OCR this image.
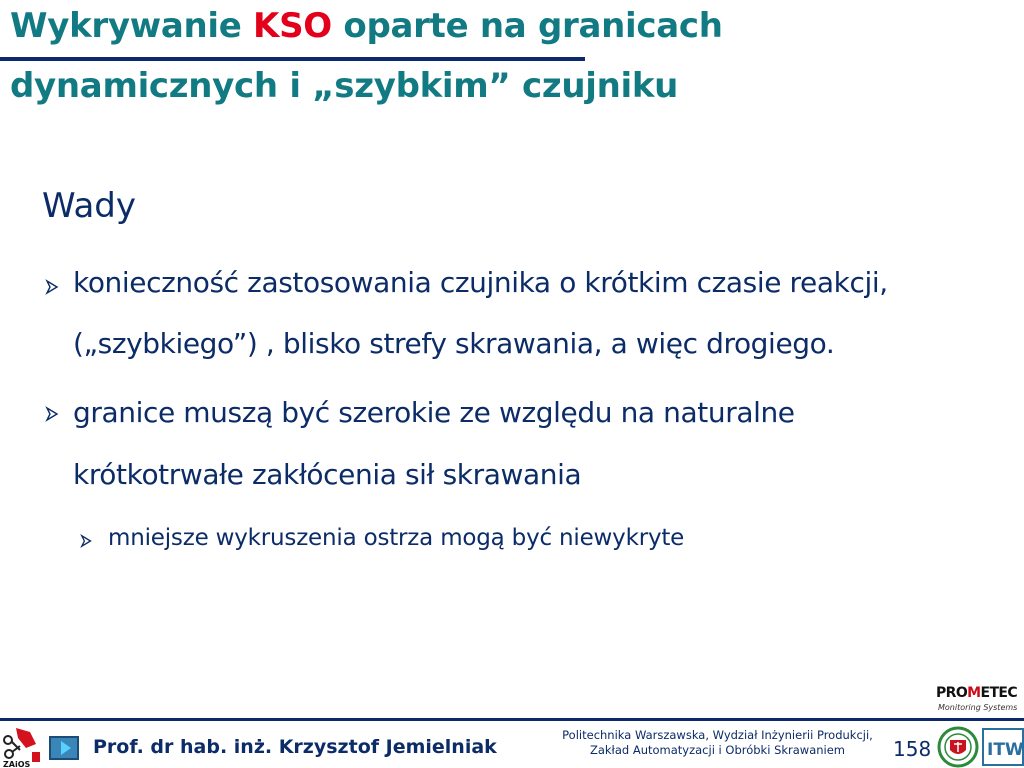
Wykrywanie KSO oparte na granicach
dynamicznych i „szybkim” czujniku
Wady

konieczność zastosowania czujnika o krótkim czasie reakcji,

(„szybkiego”) , blisko strefy skrawania, a więc drogiego.

granice muszą być szerokie ze względu na naturalne

krótkotrwałe zakłócenia sił skrawania

mniejsze wykruszenia ostrza mogą być niewykryte

ZAiOS

Prof. dr hab. inż. Krzysztof Jemielniak

Politechnika Warszawska, Wydział Inżynierii Produkcji,
Zakład Automatyzacji i Obróbki Skrawaniem	158

PROMETEC
Monitoring Systems
ITW
